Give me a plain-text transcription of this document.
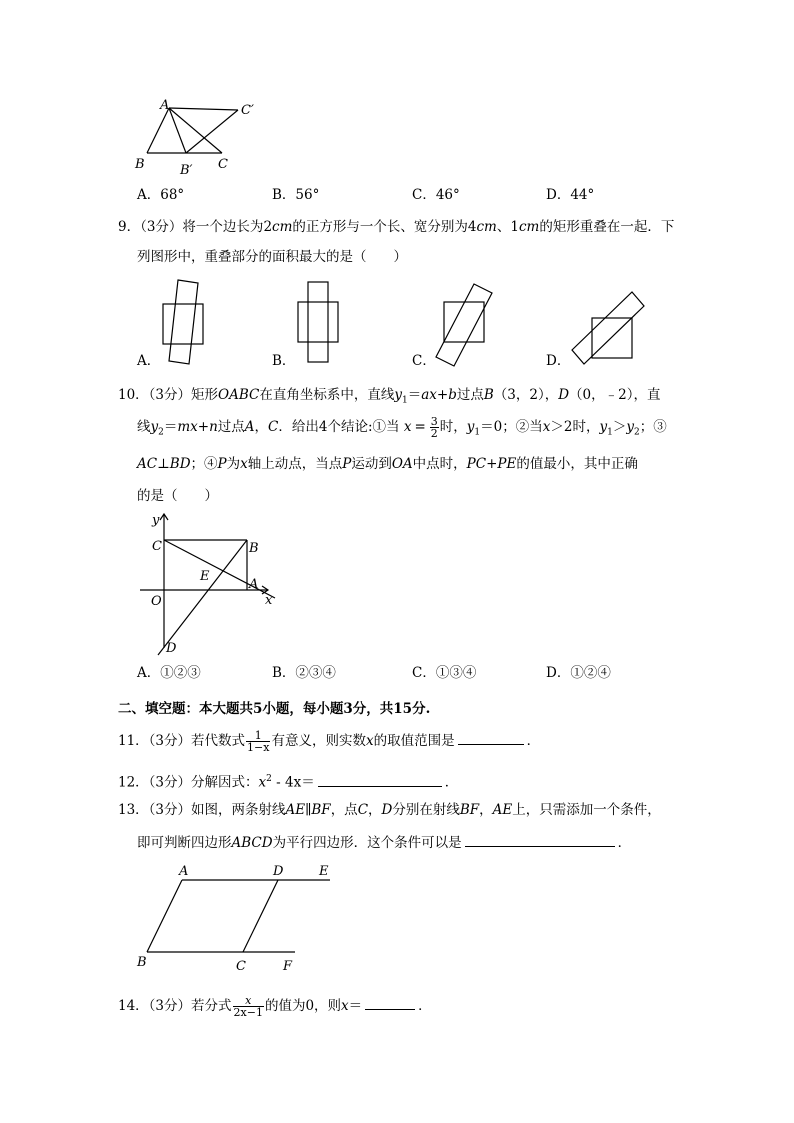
A	C′
B	B′ C
A．68°	B．56°	C．46°	D．44°
9．（3分）将一个边长为2cm的正方形与一个长、宽分别为4cm、1cm的矩形重叠在一起．下
列图形中，重叠部分的面积最大的是（　　）
A．	B．	C．	D．
10．（3分）矩形OABC在直角坐标系中，直线$y_1=ax+b$过点B（3，2），D（0，﹣2），直
线$y_2=mx+n$过点A，C．给出4个结论:①当 $x = \frac{3}{2}$ 时，$y_1=0$；②当x＞2时，$y_1>y_2$；③
AC⊥BD；④P为x轴上动点，当点P运动到OA中点时，PC+PE的值最小，其中正确
的是（　　）
y
C	B
E
A
O	x
D
A．①②③	B．②③④	C．①③④	D．①②④
二、填空题：本大题共5小题，每小题3分，共15分.
11．（3分）若代数式 $\frac{1}{1-x}$ 有意义，则实数x的取值范围是	．
12．（3分）分解因式：$x^2 - 4x=$	．
13．（3分）如图，两条射线AE∥BF，点C，D分别在射线BF，AE上，只需添加一个条件，
即可判断四边形ABCD为平行四边形．这个条件可以是	．
A	D	E
B	C	F
14．（3分）若分式 $\frac{x}{2x-1}$ 的值为0，则x＝	．
